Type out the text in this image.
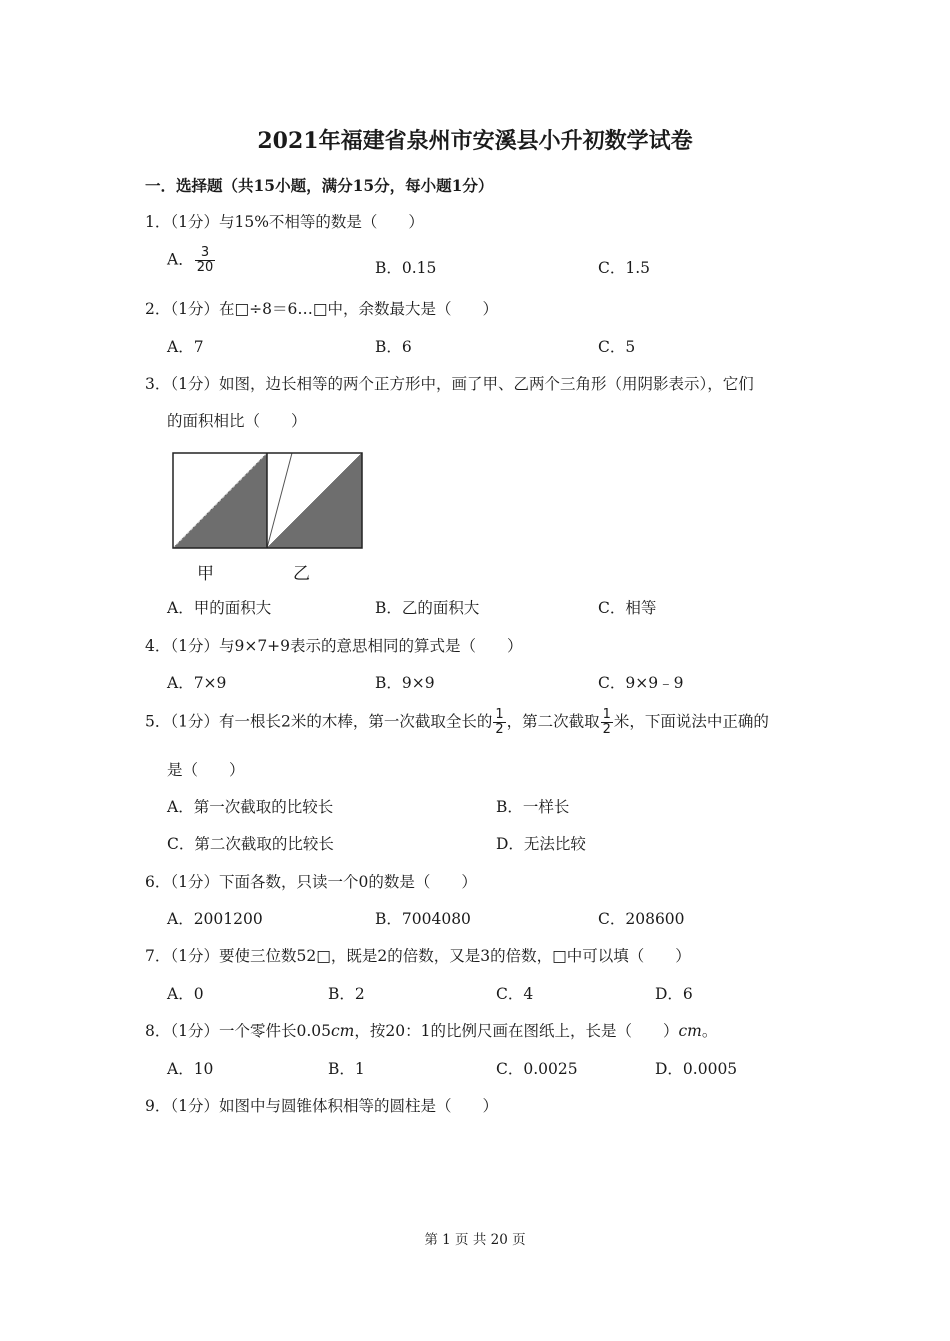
2021年福建省泉州市安溪县小升初数学试卷
一．选择题（共15小题，满分15分，每小题1分）
1．（1分）与15%不相等的数是（　　）
A． $\frac{3}{20}$	B．0.15	C．1.5
2．（1分）在□÷8＝6…□中，余数最大是（　　）
A．7	B．6	C．5
3．（1分）如图，边长相等的两个正方形中，画了甲、乙两个三角形（用阴影表示），它们
的面积相比（　　）
甲	乙
A．甲的面积大	B．乙的面积大	C．相等
4．（1分）与9×7+9表示的意思相同的算式是（　　）
A．7×9	B．9×9	C．9×9﹣9
5．（1分）有一根长2米的木棒，第一次截取全长的 $\frac{1}{2}$ ，第二次截取 $\frac{1}{2}$ 米，下面说法中正确的
是（　　）
A．第一次截取的比较长	B．一样长
C．第二次截取的比较长	D．无法比较
6．（1分）下面各数，只读一个0的数是（　　）
A．2001200	B．7004080	C．208600
7．（1分）要使三位数52□，既是2的倍数，又是3的倍数，□中可以填（　　）
A．0	B．2	C．4	D．6
8．（1分）一个零件长0.05cm，按20：1的比例尺画在图纸上，长是（　　）cm。
A．10	B．1	C．0.0025	D．0.0005
9．（1分）如图中与圆锥体积相等的圆柱是（　　）
第 1 页 共 20 页
